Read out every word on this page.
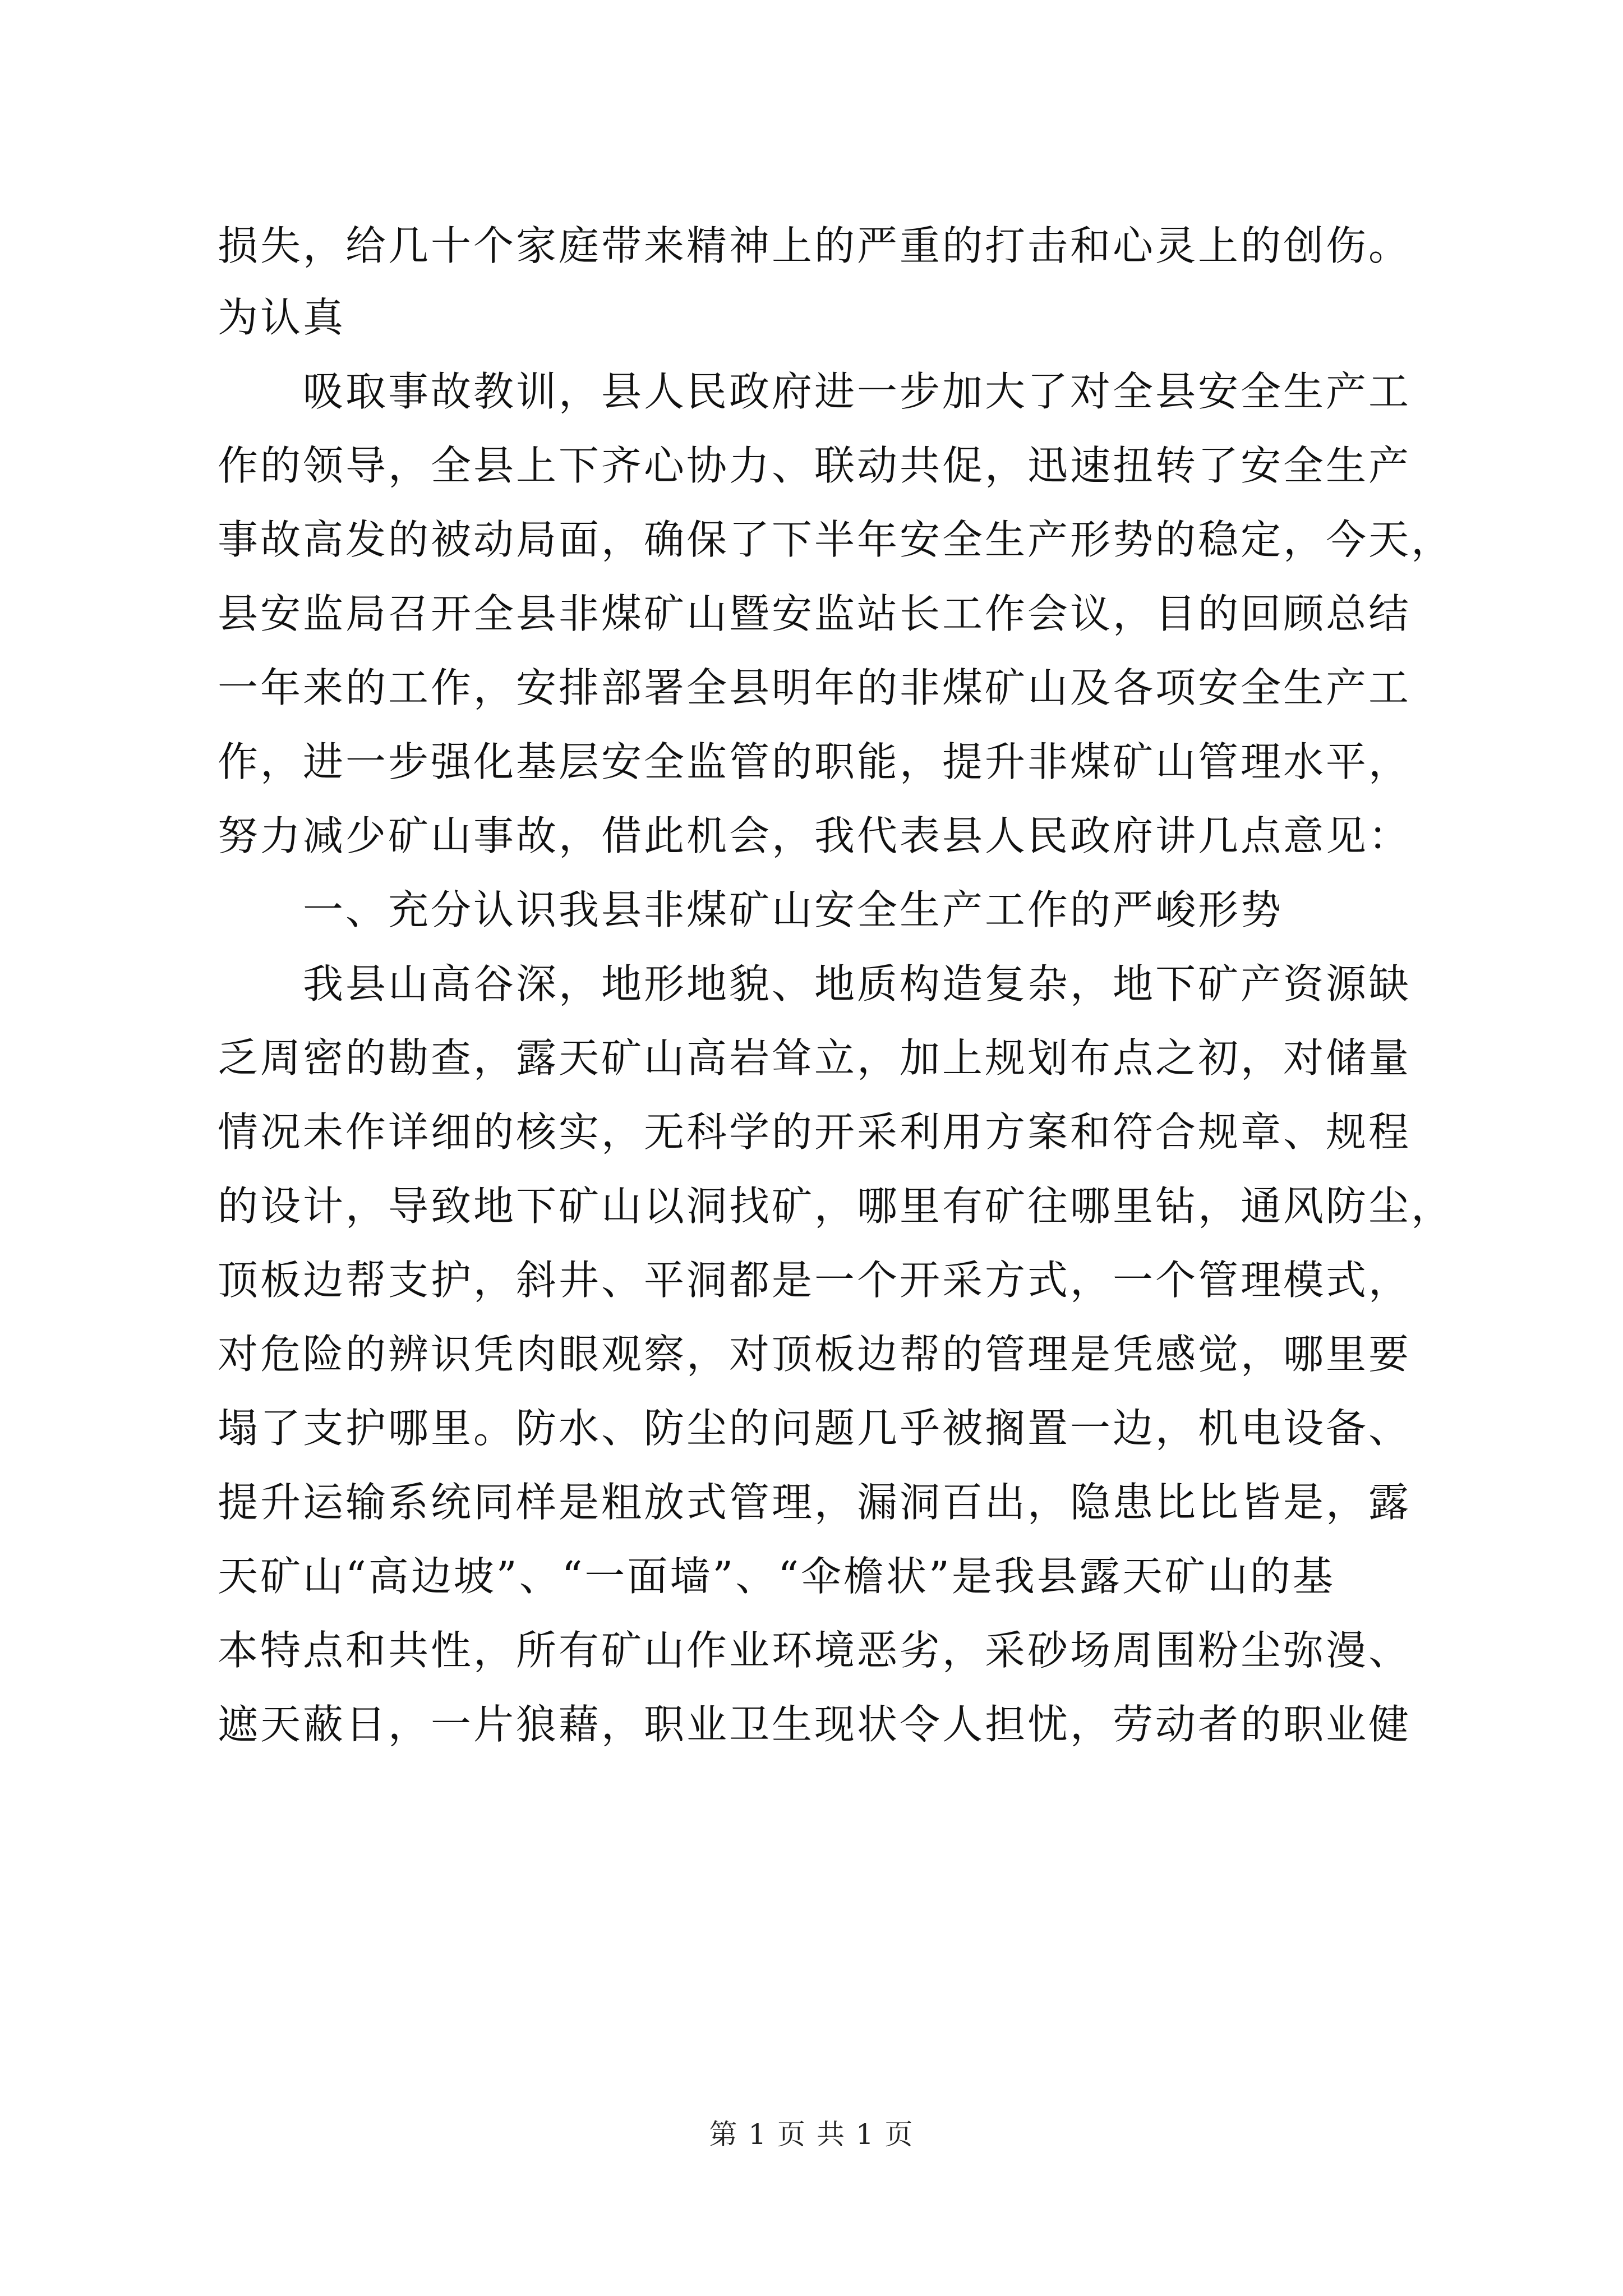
损失，给几十个家庭带来精神上的严重的打击和心灵上的创伤。
为认真
吸取事故教训，县人民政府进一步加大了对全县安全生产工
作的领导，全县上下齐心协力、联动共促，迅速扭转了安全生产
事故高发的被动局面，确保了下半年安全生产形势的稳定，今天，
县安监局召开全县非煤矿山暨安监站长工作会议，目的回顾总结
一年来的工作，安排部署全县明年的非煤矿山及各项安全生产工
作，进一步强化基层安全监管的职能，提升非煤矿山管理水平，
努力减少矿山事故，借此机会，我代表县人民政府讲几点意见：
一、充分认识我县非煤矿山安全生产工作的严峻形势
我县山高谷深，地形地貌、地质构造复杂，地下矿产资源缺
乏周密的勘查，露天矿山高岩耸立，加上规划布点之初，对储量
情况未作详细的核实，无科学的开采利用方案和符合规章、规程
的设计，导致地下矿山以洞找矿，哪里有矿往哪里钻，通风防尘，
顶板边帮支护，斜井、平洞都是一个开采方式，一个管理模式，
对危险的辨识凭肉眼观察，对顶板边帮的管理是凭感觉，哪里要
塌了支护哪里。防水、防尘的问题几乎被搁置一边，机电设备、
提升运输系统同样是粗放式管理，漏洞百出，隐患比比皆是，露
天矿山“高边坡”、“一面墙”、“伞檐状”是我县露天矿山的基
本特点和共性，所有矿山作业环境恶劣，采砂场周围粉尘弥漫、
遮天蔽日，一片狼藉，职业卫生现状令人担忧，劳动者的职业健
第 1 页 共 1 页
